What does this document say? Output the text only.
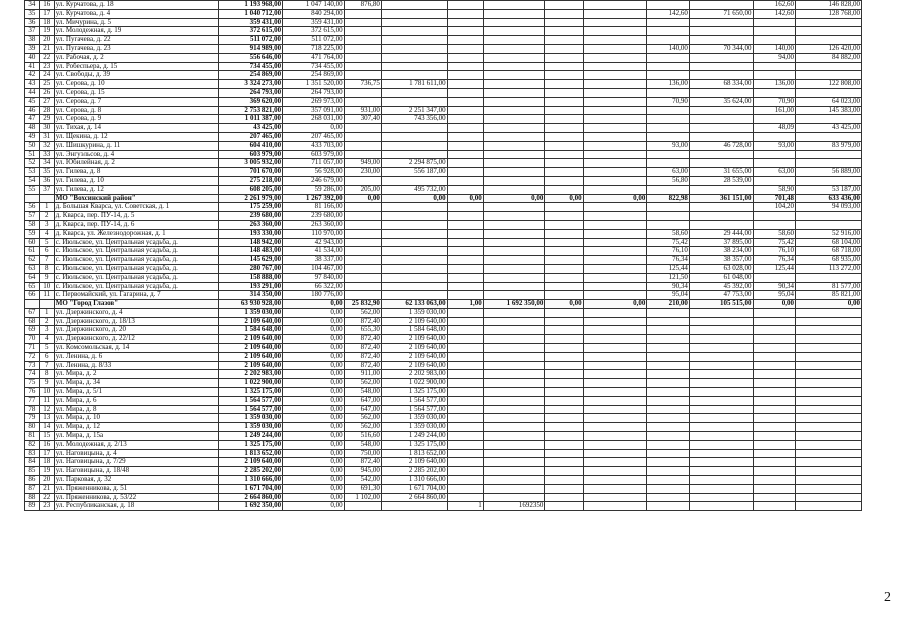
34	16	ул. Курчатова, д. 18	1 193 968,00	1 047 140,00	876,80								162,60	146 828,00
35	17	ул. Курчатова, д. 4	1 040 712,00	840 294,00							142,60	71 650,00	142,60	128 768,00
36	18	ул. Мичурина, д. 5	359 431,00	359 431,00										
37	19	ул. Молодежная, д. 19	372 615,00	372 615,00										
38	20	ул. Пугачева, д. 22	511 072,00	511 072,00										
39	21	ул. Пугачева, д. 23	914 989,00	718 225,00							140,00	70 344,00	140,00	126 420,00
40	22	ул. Рабочая, д. 2	556 646,00	471 764,00									94,00	84 882,00
41	23	ул. Робеспьера, д. 15	734 455,00	734 455,00										
42	24	ул. Свободы, д. 39	254 869,00	254 869,00										
43	25	ул. Серова, д. 10	3 324 273,00	1 351 520,00	736,75	1 781 611,00					136,00	68 334,00	136,00	122 808,00
44	26	ул. Серова, д. 15	264 793,00	264 793,00										
45	27	ул. Серова, д. 7	369 620,00	269 973,00							70,90	35 624,00	70,90	64 023,00
46	28	ул. Серова, д. 8	2 753 821,00	357 091,00	931,00	2 251 347,00							161,00	145 383,00
47	29	ул. Серова, д. 9	1 011 387,00	268 031,00	307,40	743 356,00								
48	30	ул. Тихая, д. 14	43 425,00	0,00									48,09	43 425,00
49	31	ул. Щекина, д. 12	207 465,00	207 465,00										
50	32	ул. Шишкурина, д. 11	604 410,00	433 703,00							93,00	46 728,00	93,00	83 979,00
51	33	ул. Энгуэльсов, д. 4	603 979,00	603 979,00										
52	34	ул. Юбилейная, д. 2	3 005 932,00	711 057,00	949,00	2 294 875,00								
53	35	ул. Гилева, д. 8	701 670,00	56 928,00	230,00	556 187,00					63,00	31 655,00	63,00	56 889,00
54	36	ул. Гилева, д. 10	275 218,00	246 679,00							56,80	28 539,00		
55	37	ул. Гилева, д. 12	608 205,00	59 286,00	205,00	495 732,00							58,90	53 187,00
		МО "Вохсинский район"	2 261 979,00	1 267 392,00	0,00	0,00	0,00	0,00	0,00	0,00	822,98	361 151,00	701,48	633 436,00
56	1	д. Большая Кварса, ул. Советская, д. 1	175 259,00	81 166,00									104,20	94 093,00
57	2	д. Кварса, пер. ПУ-14, д. 5	239 680,00	239 680,00										
58	3	д. Кварса, пер. ПУ-14, д. 6	263 360,00	263 360,00										
59	4	д. Кварса, ул. Железнодорожная, д. 1	193 330,00	110 970,00							58,60	29 444,00	58,60	52 916,00
60	5	с. Июльское, ул. Центральная усадьба, д.	148 942,00	42 943,00							75,42	37 895,00	75,42	68 104,00
61	6	с. Июльское, ул. Центральная усадьба, д.	148 483,00	41 534,00							76,10	38 234,00	76,10	68 718,00
62	7	с. Июльское, ул. Центральная усадьба, д.	145 629,00	38 337,00							76,34	38 357,00	76,34	68 935,00
63	8	с. Июльское, ул. Центральная усадьба, д.	280 767,00	104 467,00							125,44	63 028,00	125,44	113 272,00
64	9	с. Июльское, ул. Центральная усадьба, д.	158 888,00	97 840,00							121,50	61 048,00		
65	10	с. Июльское, ул. Центральная усадьба, д.	193 291,00	66 322,00							90,34	45 392,00	90,34	81 577,00
66	11	с. Первомайский, ул. Гагарина, д. 7	314 350,00	180 776,00							95,04	47 753,00	95,04	85 821,00
		МО "Город Глазов"	63 930 928,00	0,00	25 832,90	62 133 063,00	1,00	1 692 350,00	0,00	0,00	210,00	105 515,00	0,00	0,00
67	1	ул. Дзержинского, д. 4	1 359 030,00	0,00	562,00	1 359 030,00								
68	2	ул. Дзержинского, д. 18/13	2 109 640,00	0,00	872,40	2 109 640,00								
69	3	ул. Дзержинского, д. 20	1 584 648,00	0,00	655,30	1 584 648,00								
70	4	ул. Дзержинского, д. 22/12	2 109 640,00	0,00	872,40	2 109 640,00								
71	5	ул. Комсомольская, д. 14	2 109 640,00	0,00	872,40	2 109 640,00								
72	6	ул. Ленина, д. 6	2 109 640,00	0,00	872,40	2 109 640,00								
73	7	ул. Ленина, д. 8/33	2 109 640,00	0,00	872,40	2 109 640,00								
74	8	ул. Мира, д. 2	2 202 983,00	0,00	911,00	2 202 983,00								
75	9	ул. Мира, д. 34	1 022 900,00	0,00	562,00	1 022 900,00								
76	10	ул. Мира, д. 5/1	1 325 175,00	0,00	548,00	1 325 175,00								
77	11	ул. Мира, д. 6	1 564 577,00	0,00	647,00	1 564 577,00								
78	12	ул. Мира, д. 8	1 564 577,00	0,00	647,00	1 564 577,00								
79	13	ул. Мира, д. 10	1 359 030,00	0,00	562,00	1 359 030,00								
80	14	ул. Мира, д. 12	1 359 030,00	0,00	562,00	1 359 030,00								
81	15	ул. Мира, д. 15а	1 249 244,00	0,00	516,60	1 249 244,00								
82	16	ул. Молодежная, д. 2/13	1 325 175,00	0,00	548,00	1 325 175,00								
83	17	ул. Наговицына, д. 4	1 813 652,00	0,00	750,00	1 813 652,00								
84	18	ул. Наговицына, д. 7/29	2 109 640,00	0,00	872,40	2 109 640,00								
85	19	ул. Наговицына, д. 18/48	2 285 202,00	0,00	945,00	2 285 202,00								
86	20	ул. Парковая, д. 32	1 310 666,00	0,00	542,00	1 310 666,00								
87	21	ул. Пряженникова, д. 51	1 671 704,00	0,00	691,30	1 671 704,00								
88	22	ул. Пряженникова, д. 53/22	2 664 860,00	0,00	1 102,00	2 664 860,00								
89	23	ул. Республиканская, д. 18	1 692 350,00	0,00			1	1692350						
2
